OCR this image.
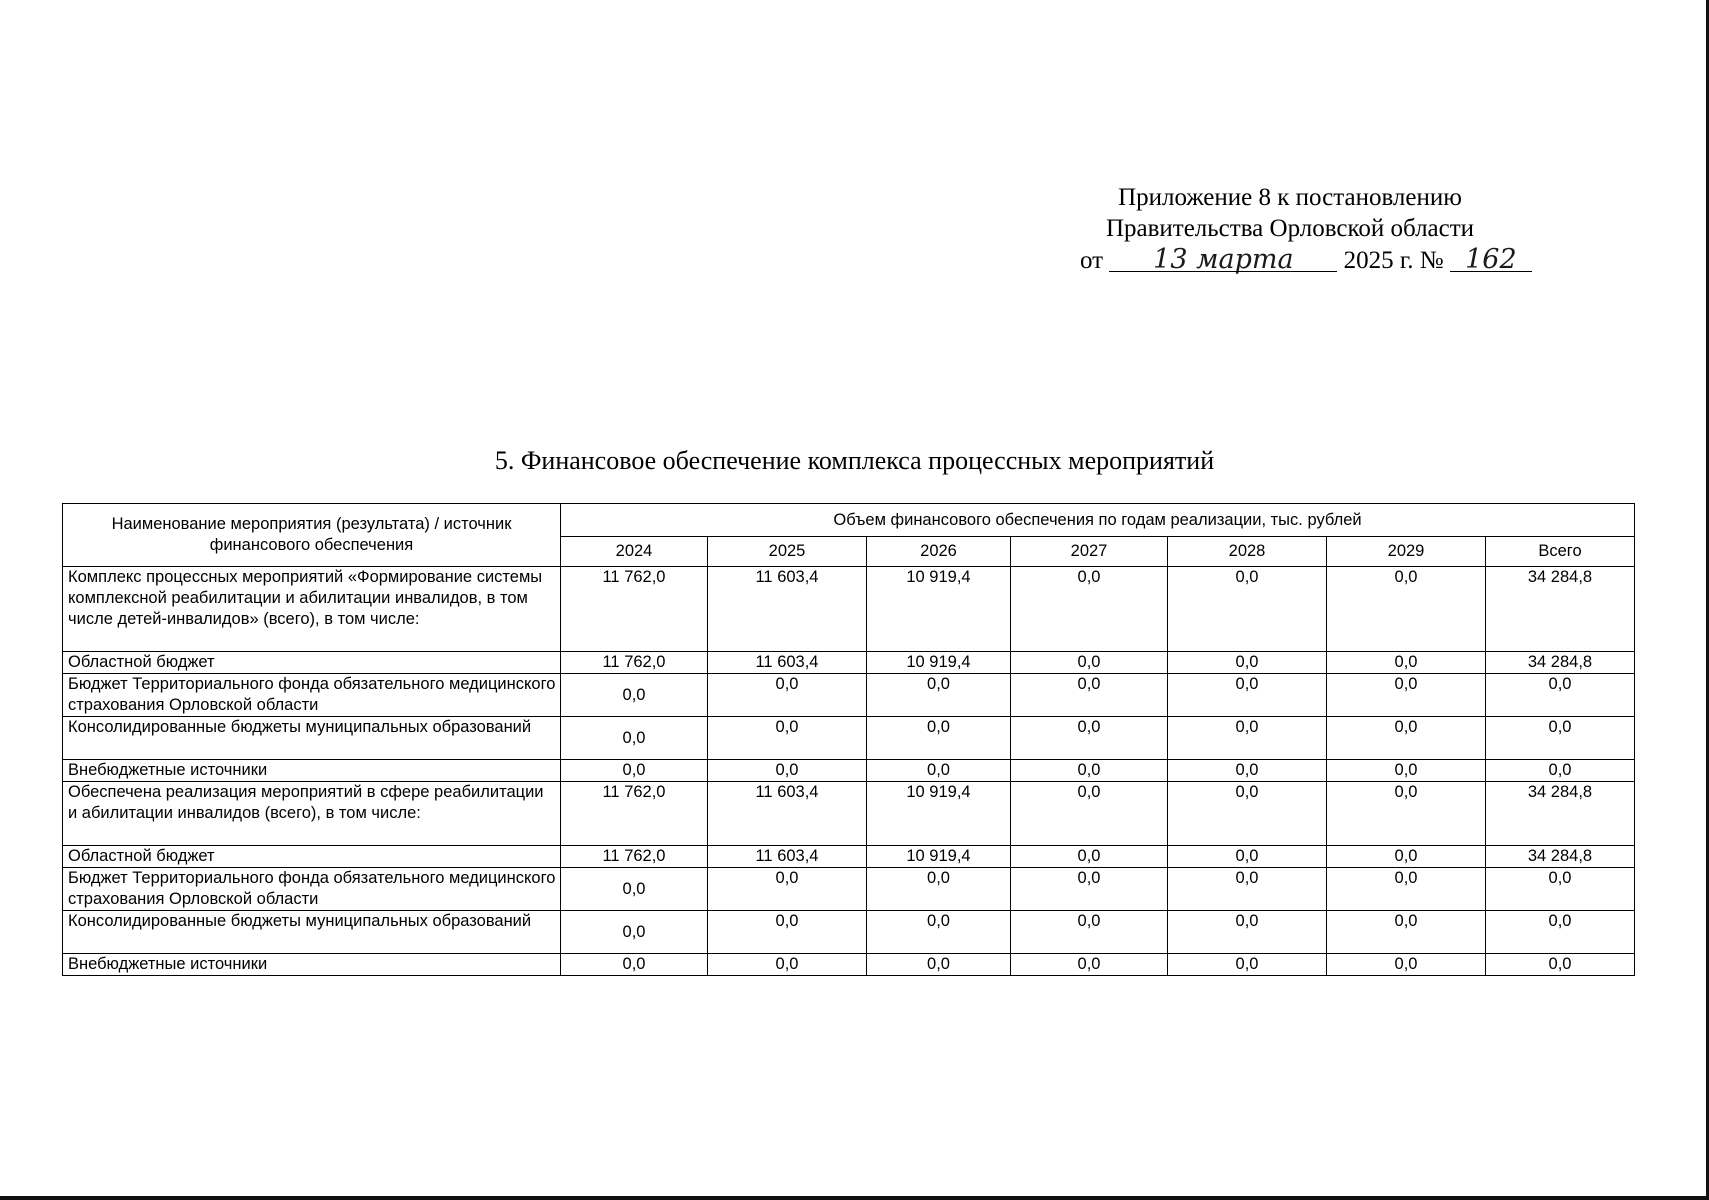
Приложение 8 к постановлению
Правительства Орловской области
от 13 марта 2025 г. № 162
5. Финансовое обеспечение комплекса процессных мероприятий
Наименование мероприятия (результата) / источник финансового обеспечения	Объем финансового обеспечения по годам реализации, тыс. рублей						
	2024	2025	2026	2027	2028	2029	Всего
Комплекс процессных мероприятий «Формирование системы комплексной реабилитации и абилитации инвалидов, в том числе детей-инвалидов» (всего), в том числе:	11 762,0	11 603,4	10 919,4	0,0	0,0	0,0	34 284,8
Областной бюджет	11 762,0	11 603,4	10 919,4	0,0	0,0	0,0	34 284,8
Бюджет Территориального фонда обязательного медицинского страхования Орловской области	0,0	0,0	0,0	0,0	0,0	0,0	0,0
Консолидированные бюджеты муниципальных образований	0,0	0,0	0,0	0,0	0,0	0,0	0,0
Внебюджетные источники	0,0	0,0	0,0	0,0	0,0	0,0	0,0
Обеспечена реализация мероприятий в сфере реабилитации и абилитации инвалидов (всего), в том числе:	11 762,0	11 603,4	10 919,4	0,0	0,0	0,0	34 284,8
Областной бюджет	11 762,0	11 603,4	10 919,4	0,0	0,0	0,0	34 284,8
Бюджет Территориального фонда обязательного медицинского страхования Орловской области	0,0	0,0	0,0	0,0	0,0	0,0	0,0
Консолидированные бюджеты муниципальных образований	0,0	0,0	0,0	0,0	0,0	0,0	0,0
Внебюджетные источники	0,0	0,0	0,0	0,0	0,0	0,0	0,0
